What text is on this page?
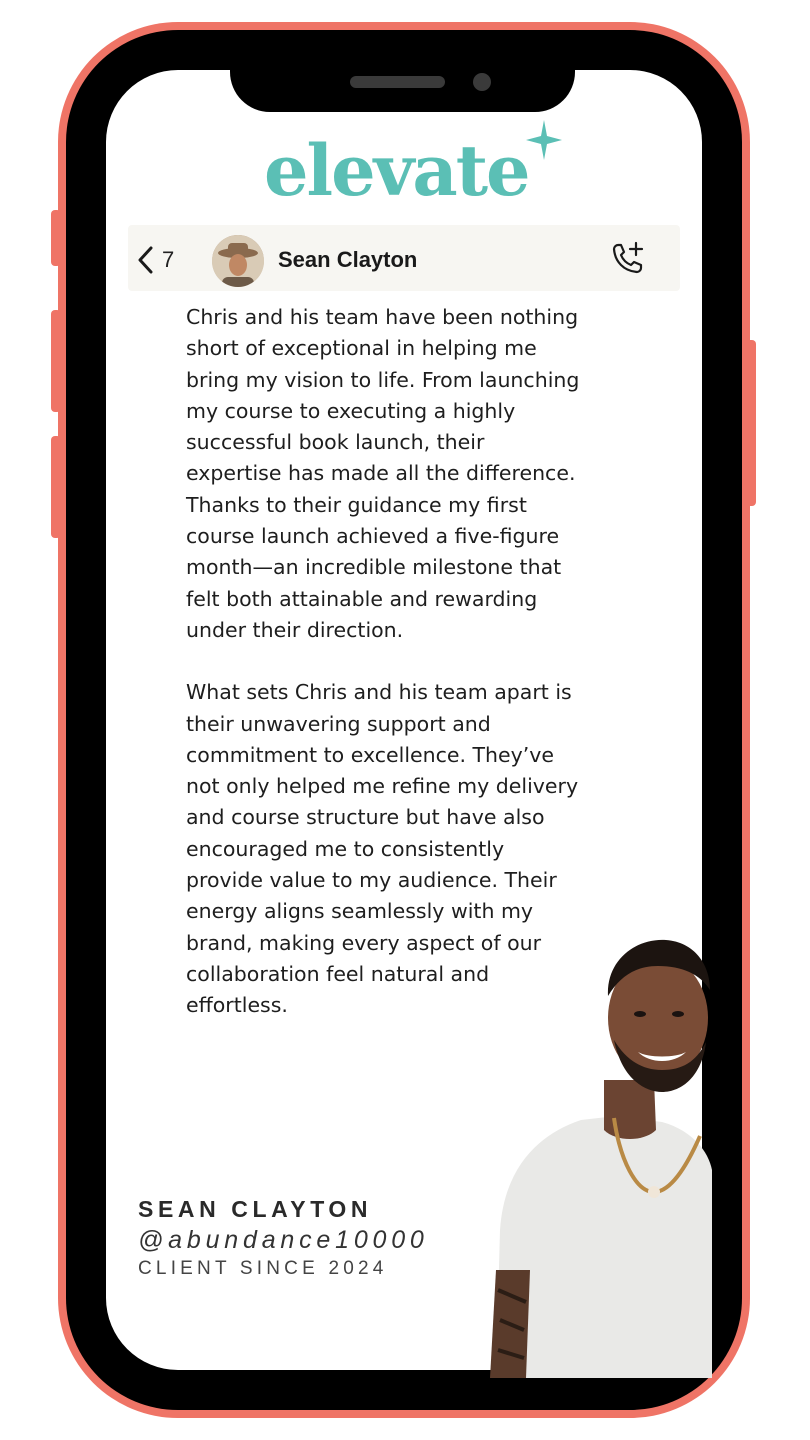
elevate
7	Sean Clayton

Chris and his team have been nothing short of exceptional in helping me bring my vision to life. From launching my course to executing a highly successful book launch, their expertise has made all the difference. Thanks to their guidance my first course launch achieved a five-figure month—an incredible milestone that felt both attainable and rewarding under their direction.

What sets Chris and his team apart is their unwavering support and commitment to excellence. They’ve not only helped me refine my delivery and course structure but have also encouraged me to consistently provide value to my audience. Their energy aligns seamlessly with my brand, making every aspect of our collaboration feel natural and effortless.

SEAN CLAYTON
@abundance10000
CLIENT SINCE 2024
